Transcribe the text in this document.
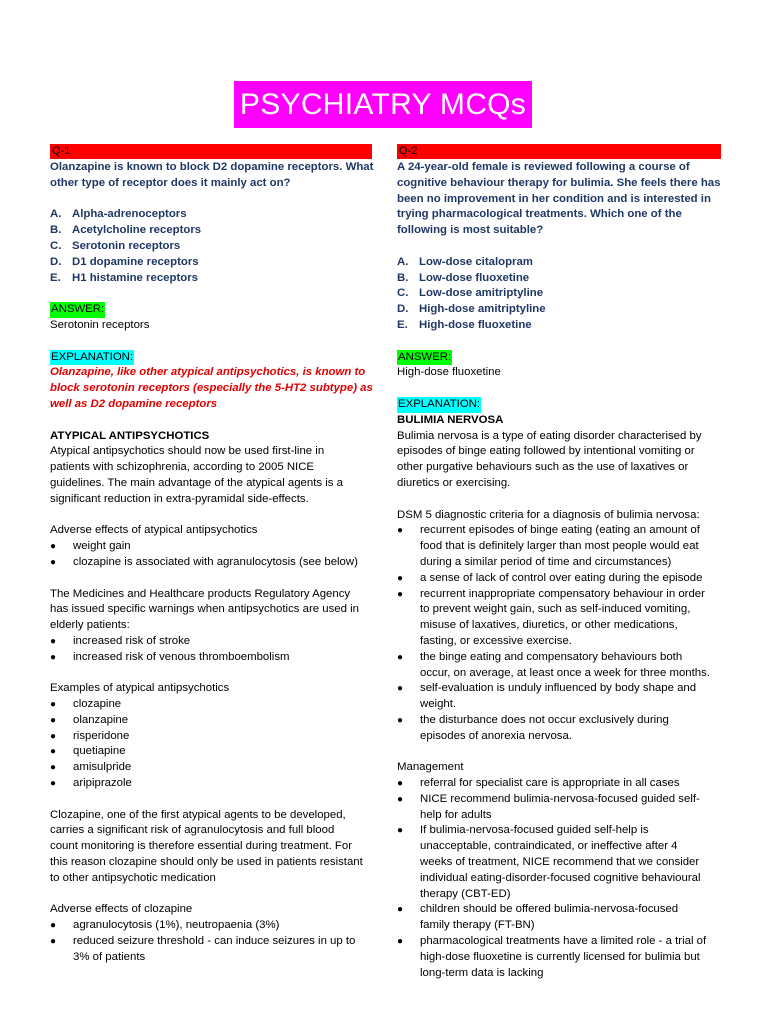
PSYCHIATRY MCQs
Q-1
Olanzapine is known to block D2 dopamine receptors. What
other type of receptor does it mainly act on?
A. Alpha-adrenoceptors
B. Acetylcholine receptors
C. Serotonin receptors
D. D1 dopamine receptors
E. H1 histamine receptors
ANSWER:
Serotonin receptors
EXPLANATION:
Olanzapine, like other atypical antipsychotics, is known to
block serotonin receptors (especially the 5-HT2 subtype) as
well as D2 dopamine receptors
ATYPICAL ANTIPSYCHOTICS
Atypical antipsychotics should now be used first-line in
patients with schizophrenia, according to 2005 NICE
guidelines. The main advantage of the atypical agents is a
significant reduction in extra-pyramidal side-effects.
Adverse effects of atypical antipsychotics
●	weight gain
●	clozapine is associated with agranulocytosis (see below)
The Medicines and Healthcare products Regulatory Agency
has issued specific warnings when antipsychotics are used in
elderly patients:
●	increased risk of stroke
●	increased risk of venous thromboembolism
Examples of atypical antipsychotics
●	clozapine
●	olanzapine
●	risperidone
●	quetiapine
●	amisulpride
●	aripiprazole
Clozapine, one of the first atypical agents to be developed,
carries a significant risk of agranulocytosis and full blood
count monitoring is therefore essential during treatment. For
this reason clozapine should only be used in patients resistant
to other antipsychotic medication
Adverse effects of clozapine
●	agranulocytosis (1%), neutropaenia (3%)
●	reduced seizure threshold - can induce seizures in up to
3% of patients
Q-2
A 24-year-old female is reviewed following a course of
cognitive behaviour therapy for bulimia. She feels there has
been no improvement in her condition and is interested in
trying pharmacological treatments. Which one of the
following is most suitable?
A. Low-dose citalopram
B. Low-dose fluoxetine
C. Low-dose amitriptyline
D. High-dose amitriptyline
E. High-dose fluoxetine
ANSWER:
High-dose fluoxetine
EXPLANATION:
BULIMIA NERVOSA
Bulimia nervosa is a type of eating disorder characterised by
episodes of binge eating followed by intentional vomiting or
other purgative behaviours such as the use of laxatives or
diuretics or exercising.
DSM 5 diagnostic criteria for a diagnosis of bulimia nervosa:
●	recurrent episodes of binge eating (eating an amount of
food that is definitely larger than most people would eat
during a similar period of time and circumstances)
●	a sense of lack of control over eating during the episode
●	recurrent inappropriate compensatory behaviour in order
to prevent weight gain, such as self-induced vomiting,
misuse of laxatives, diuretics, or other medications,
fasting, or excessive exercise.
●	the binge eating and compensatory behaviours both
occur, on average, at least once a week for three months.
●	self-evaluation is unduly influenced by body shape and
weight.
●	the disturbance does not occur exclusively during
episodes of anorexia nervosa.
Management
●	referral for specialist care is appropriate in all cases
●	NICE recommend bulimia-nervosa-focused guided self-
help for adults
●	If bulimia-nervosa-focused guided self-help is
unacceptable, contraindicated, or ineffective after 4
weeks of treatment, NICE recommend that we consider
individual eating-disorder-focused cognitive behavioural
therapy (CBT-ED)
●	children should be offered bulimia-nervosa-focused
family therapy (FT-BN)
●	pharmacological treatments have a limited role - a trial of
high-dose fluoxetine is currently licensed for bulimia but
long-term data is lacking
